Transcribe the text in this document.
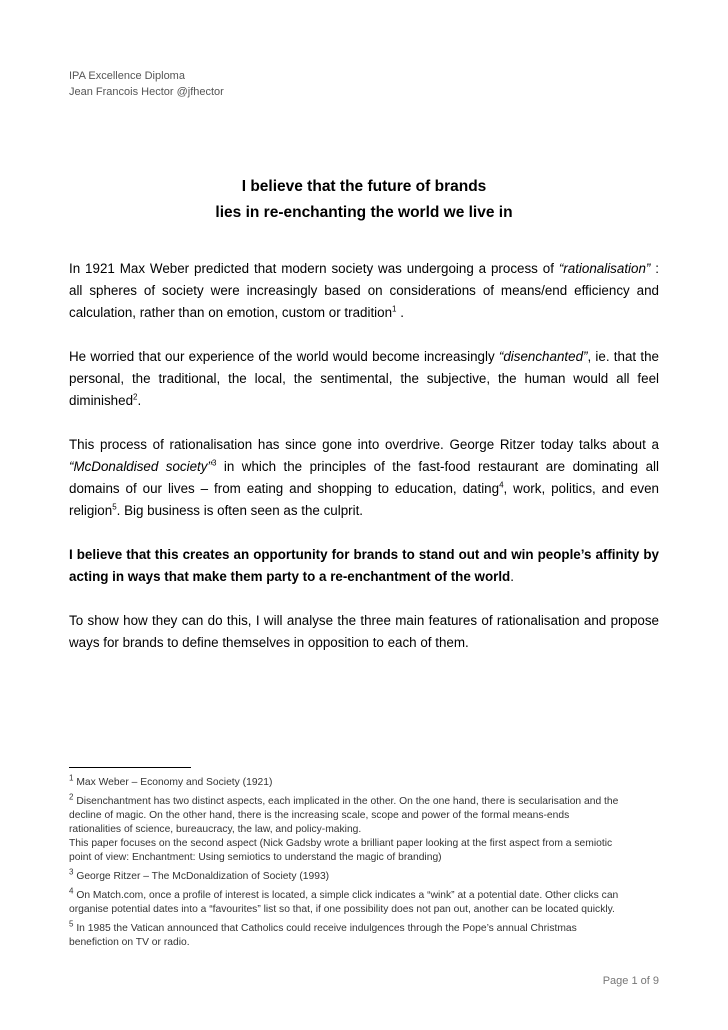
IPA Excellence Diploma
Jean Francois Hector @jfhector
I believe that the future of brands
lies in re-enchanting the world we live in

In 1921 Max Weber predicted that modern society was undergoing a process of “rationalisation” : all spheres of society were increasingly based on considerations of means/end efficiency and calculation, rather than on emotion, custom or tradition$^1$ .

He worried that our experience of the world would become increasingly “disenchanted”, ie. that the personal, the traditional, the local, the sentimental, the subjective, the human would all feel diminished$^2$.

This process of rationalisation has since gone into overdrive. George Ritzer today talks about a “McDonaldised society”$^3$ in which the principles of the fast-food restaurant are dominating all domains of our lives – from eating and shopping to education, dating$^4$, work, politics, and even religion$^5$. Big business is often seen as the culprit.

I believe that this creates an opportunity for brands to stand out and win people’s affinity by acting in ways that make them party to a re-enchantment of the world.

To show how they can do this, I will analyse the three main features of rationalisation and propose ways for brands to define themselves in opposition to each of them.

$^1$ Max Weber – Economy and Society (1921)
$^2$ Disenchantment has two distinct aspects, each implicated in the other. On the one hand, there is secularisation and the
decline of magic. On the other hand, there is the increasing scale, scope and power of the formal means-ends
rationalities of science, bureaucracy, the law, and policy-making.
This paper focuses on the second aspect (Nick Gadsby wrote a brilliant paper looking at the first aspect from a semiotic
point of view: Enchantment: Using semiotics to understand the magic of branding)
$^3$ George Ritzer – The McDonaldization of Society (1993)
$^4$ On Match.com, once a profile of interest is located, a simple click indicates a “wink” at a potential date. Other clicks can
organise potential dates into a “favourites” list so that, if one possibility does not pan out, another can be located quickly.
$^5$ In 1985 the Vatican announced that Catholics could receive indulgences through the Pope’s annual Christmas
benefiction on TV or radio.
Page 1 of 9
